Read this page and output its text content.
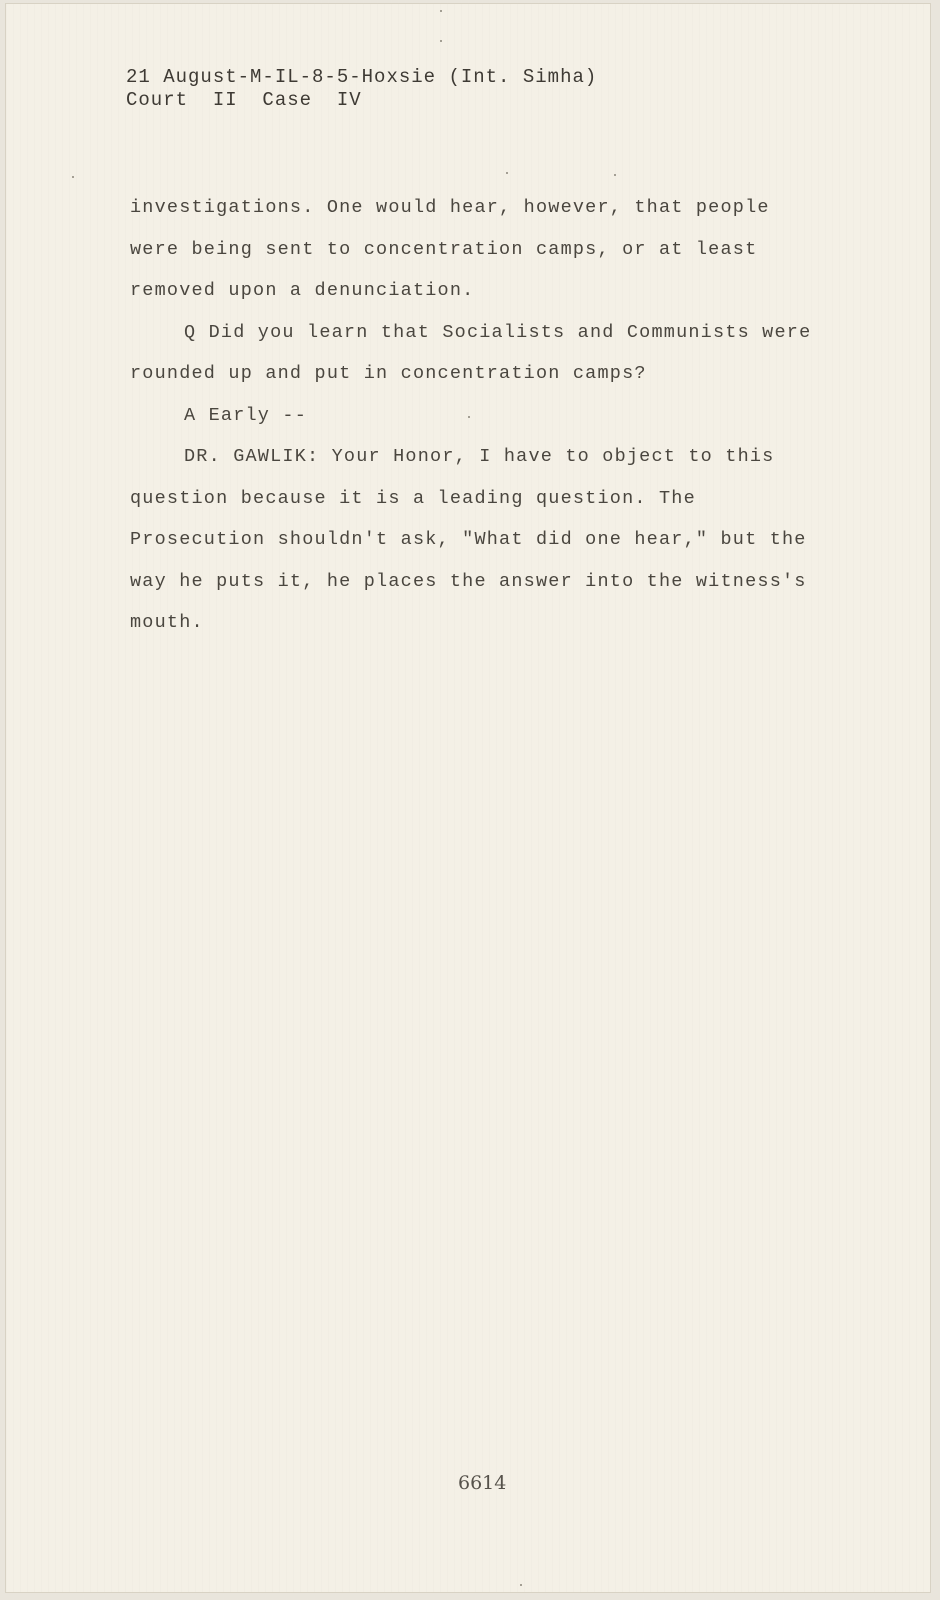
21 August-M-IL-8-5-Hoxsie (Int. Simha)
Court  II  Case  IV

investigations. One would hear, however, that people were being sent to concentration camps, or at least removed upon a denunciation.

Q Did you learn that Socialists and Communists were rounded up and put in concentration camps?

A Early --

DR. GAWLIK: Your Honor, I have to object to this question because it is a leading question. The Prosecution shouldn't ask, "What did one hear," but the way he puts it, he places the answer into the witness's mouth.

6614
